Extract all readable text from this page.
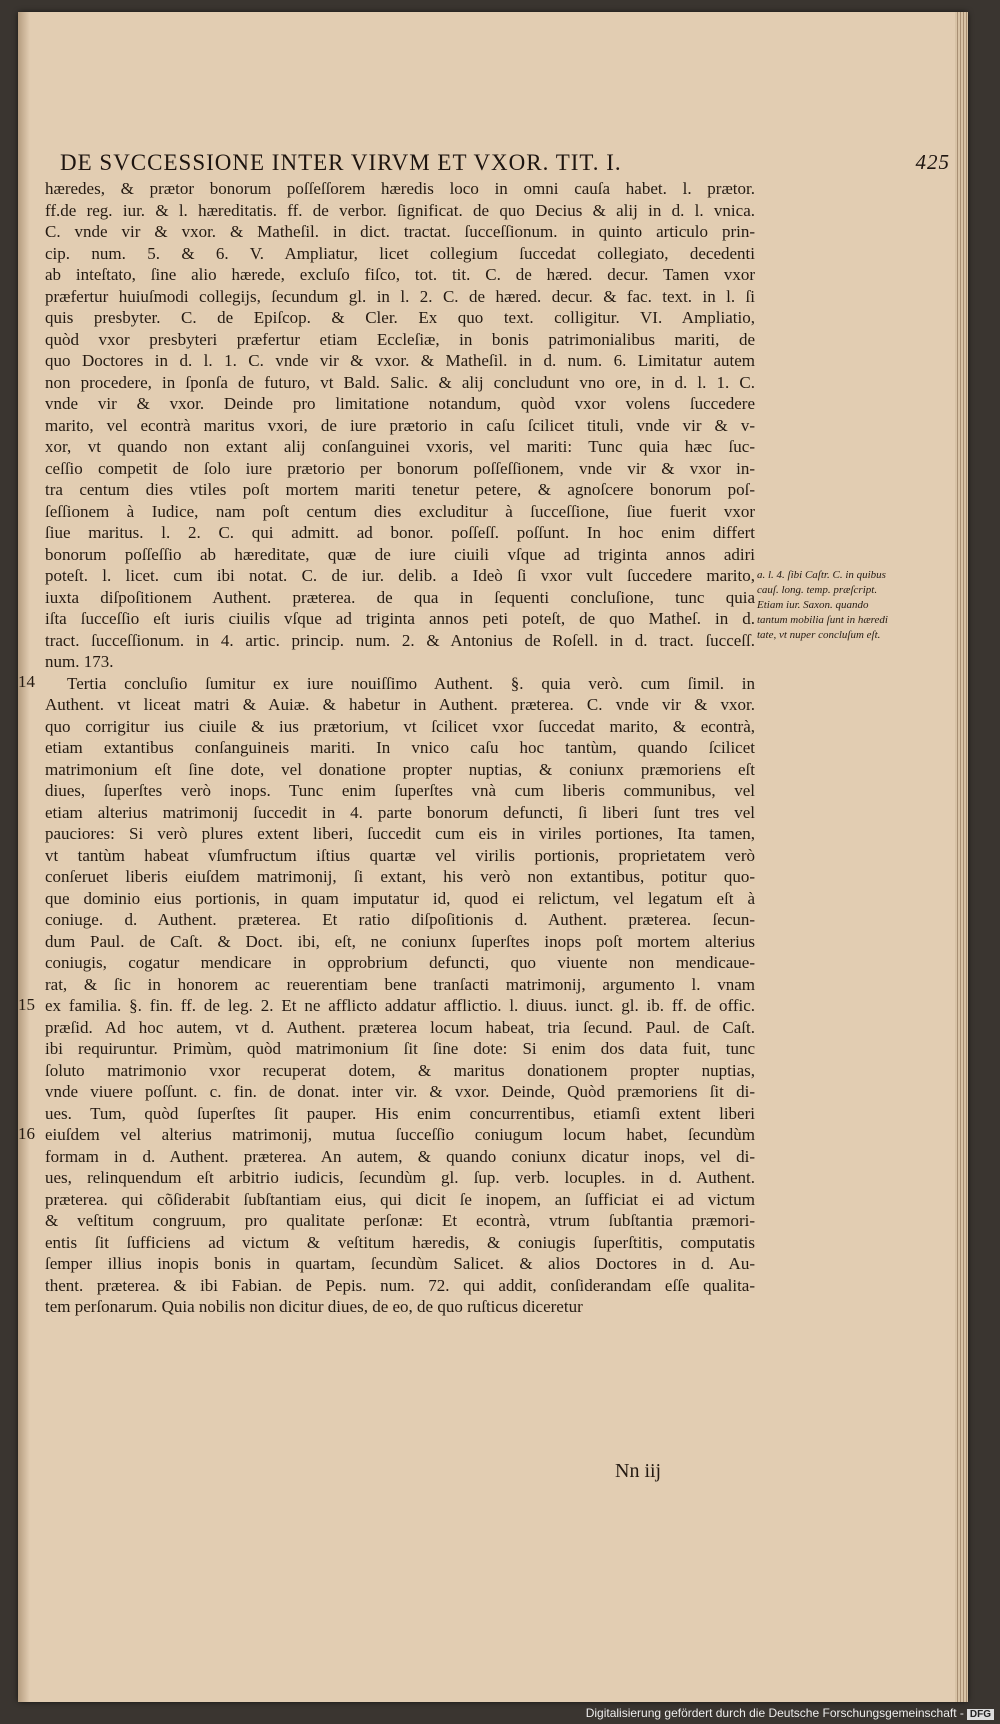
DE SVCCESSIONE INTER VIRVM ET VXOR. TIT. I.	425
hæredes, & prætor bonorum poſſeſſorem hæredis loco in omni cauſa habet. l. prætor.
ff.de reg. iur. & l. hæreditatis. ff. de verbor. ſignificat. de quo Decius & alij in d. l. vnica.
C. vnde vir & vxor. & Matheſil. in dict. tractat. ſucceſſionum. in quinto articulo prin-
cip. num. 5. & 6. V. Ampliatur, licet collegium ſuccedat collegiato, decedenti
ab inteſtato, ſine alio hærede, excluſo fiſco, tot. tit. C. de hæred. decur. Tamen vxor
præfertur huiuſmodi collegijs, ſecundum gl. in l. 2. C. de hæred. decur. & fac. text. in l. ſi
quis presbyter. C. de Epiſcop. & Cler. Ex quo text. colligitur. VI. Ampliatio,
quòd vxor presbyteri præfertur etiam Eccleſiæ, in bonis patrimonialibus mariti, de
quo Doctores in d. l. 1. C. vnde vir & vxor. & Matheſil. in d. num. 6. Limitatur autem
non procedere, in ſponſa de futuro, vt Bald. Salic. & alij concludunt vno ore, in d. l. 1. C.
vnde vir & vxor. Deinde pro limitatione notandum, quòd vxor volens ſuccedere
marito, vel econtrà maritus vxori, de iure prætorio in caſu ſcilicet tituli, vnde vir & v-
xor, vt quando non extant alij conſanguinei vxoris, vel mariti: Tunc quia hæc ſuc-
ceſſio competit de ſolo iure prætorio per bonorum poſſeſſionem, vnde vir & vxor in-
tra centum dies vtiles poſt mortem mariti tenetur petere, & agnoſcere bonorum poſ-
ſeſſionem à Iudice, nam poſt centum dies excluditur à ſucceſſione, ſiue fuerit vxor
ſiue maritus. l. 2. C. qui admitt. ad bonor. poſſeſſ. poſſunt. In hoc enim differt
bonorum poſſeſſio ab hæreditate, quæ de iure ciuili vſque ad triginta annos adiri
poteſt. l. licet. cum ibi notat. C. de iur. delib. a Ideò ſi vxor vult ſuccedere marito,
iuxta diſpoſitionem Authent. præterea. de qua in ſequenti concluſione, tunc quia
iſta ſucceſſio eſt iuris ciuilis vſque ad triginta annos peti poteſt, de quo Matheſ. in d.
tract. ſucceſſionum. in 4. artic. princip. num. 2. & Antonius de Roſell. in d. tract. ſucceſſ.
num. 173.
Tertia concluſio ſumitur ex iure nouiſſimo Authent. §. quia verò. cum ſimil. in
Authent. vt liceat matri & Auiæ. & habetur in Authent. præterea. C. vnde vir & vxor.
quo corrigitur ius ciuile & ius prætorium, vt ſcilicet vxor ſuccedat marito, & econtrà,
etiam extantibus conſanguineis mariti. In vnico caſu hoc tantùm, quando ſcilicet
matrimonium eſt ſine dote, vel donatione propter nuptias, & coniunx præmoriens eſt
diues, ſuperſtes verò inops. Tunc enim ſuperſtes vnà cum liberis communibus, vel
etiam alterius matrimonij ſuccedit in 4. parte bonorum defuncti, ſi liberi ſunt tres vel
pauciores: Si verò plures extent liberi, ſuccedit cum eis in viriles portiones, Ita tamen,
vt tantùm habeat vſumfructum iſtius quartæ vel virilis portionis, proprietatem verò
conſeruet liberis eiuſdem matrimonij, ſi extant, his verò non extantibus, potitur quo-
que dominio eius portionis, in quam imputatur id, quod ei relictum, vel legatum eſt à
coniuge. d. Authent. præterea. Et ratio diſpoſitionis d. Authent. præterea. ſecun-
dum Paul. de Caſt. & Doct. ibi, eſt, ne coniunx ſuperſtes inops poſt mortem alterius
coniugis, cogatur mendicare in opprobrium defuncti, quo viuente non mendicaue-
rat, & ſic in honorem ac reuerentiam bene tranſacti matrimonij, argumento l. vnam
ex familia. §. fin. ff. de leg. 2. Et ne afflicto addatur afflictio. l. diuus. iunct. gl. ib. ff. de offic.
præſid. Ad hoc autem, vt d. Authent. præterea locum habeat, tria ſecund. Paul. de Caſt.
ibi requiruntur. Primùm, quòd matrimonium ſit ſine dote: Si enim dos data fuit, tunc
ſoluto matrimonio vxor recuperat dotem, & maritus donationem propter nuptias,
vnde viuere poſſunt. c. fin. de donat. inter vir. & vxor. Deinde, Quòd præmoriens ſit di-
ues. Tum, quòd ſuperſtes ſit pauper. His enim concurrentibus, etiamſi extent liberi
eiuſdem vel alterius matrimonij, mutua ſucceſſio coniugum locum habet, ſecundùm
formam in d. Authent. præterea. An autem, & quando coniunx dicatur inops, vel di-
ues, relinquendum eſt arbitrio iudicis, ſecundùm gl. ſup. verb. locuples. in d. Authent.
præterea. qui cõſiderabit ſubſtantiam eius, qui dicit ſe inopem, an ſufficiat ei ad victum
& veſtitum congruum, pro qualitate perſonæ: Et econtrà, vtrum ſubſtantia præmori-
entis ſit ſufficiens ad victum & veſtitum hæredis, & coniugis ſuperſtitis, computatis
ſemper illius inopis bonis in quartam, ſecundùm Salicet. & alios Doctores in d. Au-
thent. præterea. & ibi Fabian. de Pepis. num. 72. qui addit, conſiderandam eſſe qualita-
tem perſonarum. Quia nobilis non dicitur diues, de eo, de quo ruſticus diceretur
14
15
16
a. l. 4. ſibi Caſtr. C. in quibus cauſ. long. temp. præſcript. Etiam iur. Saxon. quando tantum mobilia ſunt in hæredi tate, vt nuper concluſum eſt.
Nn iij
Digitalisierung gefördert durch die Deutsche Forschungsgemeinschaft - DFG
